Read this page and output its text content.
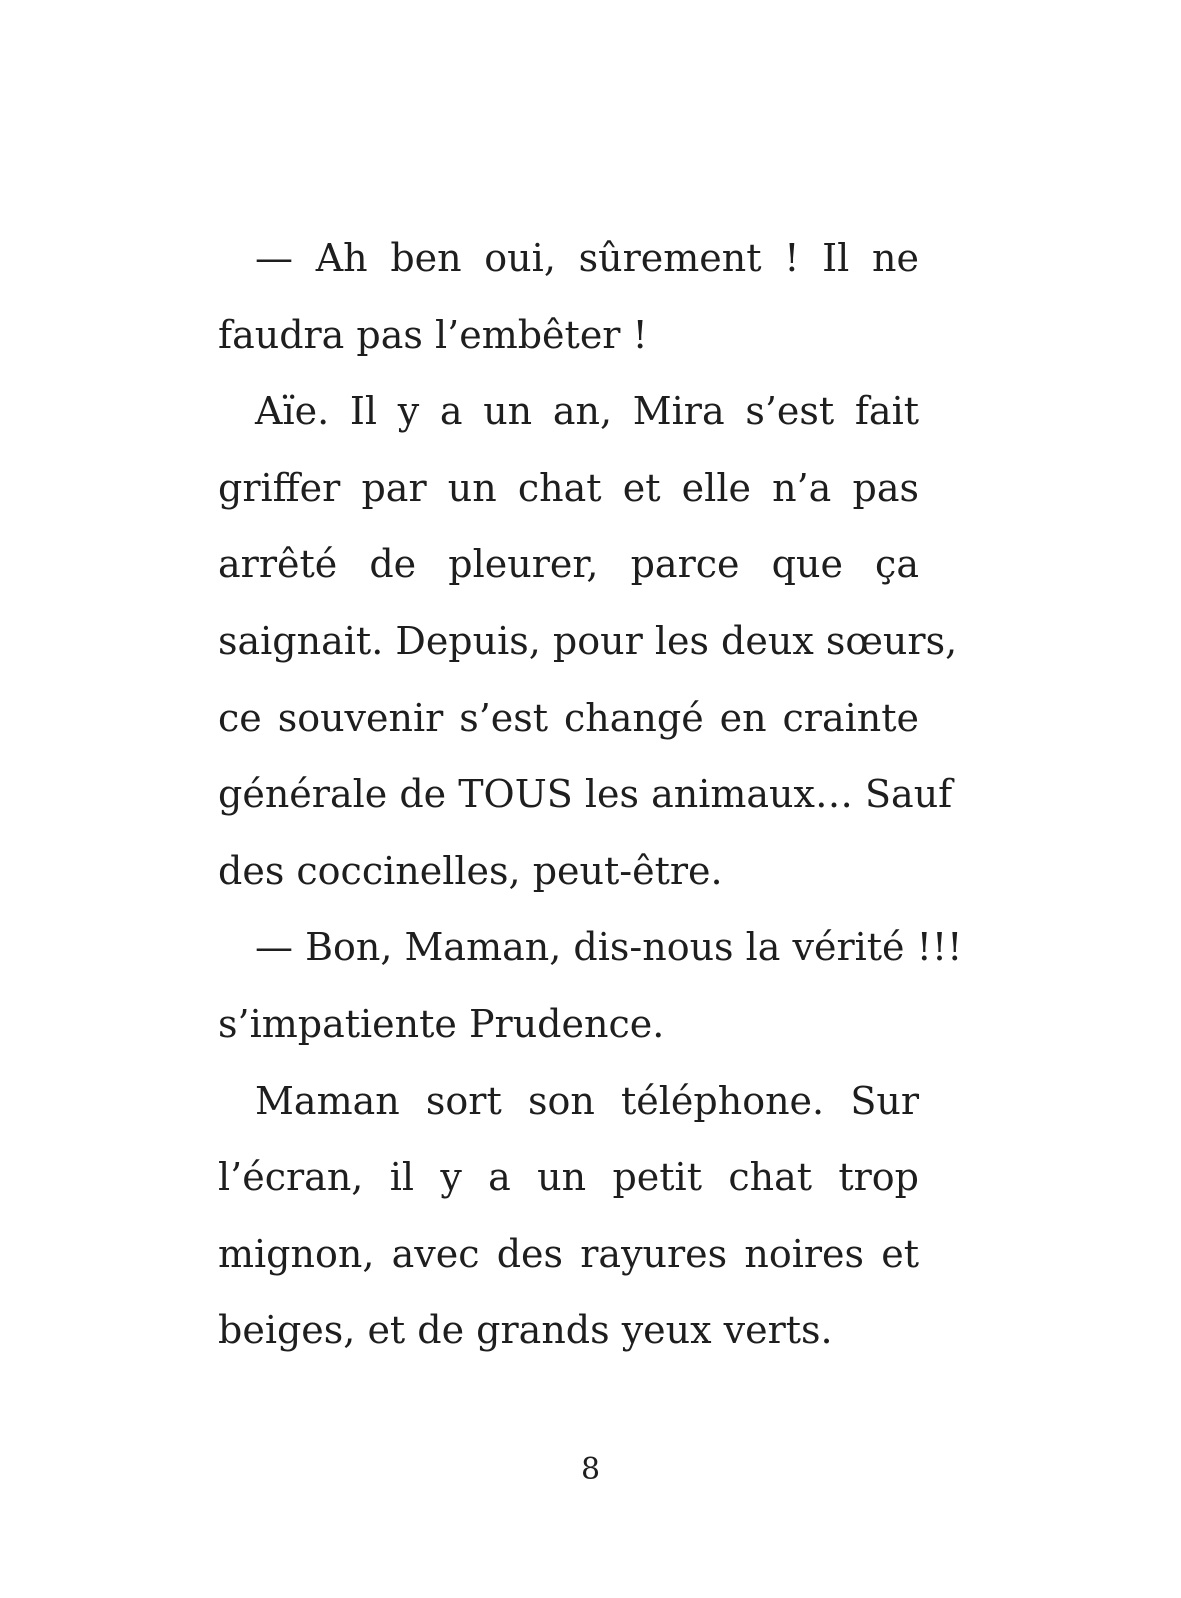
— Ah ben oui, sûrement ! Il ne
faudra pas l’embêter !
Aïe. Il y a un an, Mira s’est fait
griffer par un chat et elle n’a pas
arrêté de pleurer, parce que ça
saignait. Depuis, pour les deux sœurs,
ce souvenir s’est changé en crainte
générale de TOUS les animaux… Sauf
des coccinelles, peut-être.
— Bon, Maman, dis-nous la vérité !!!
s’impatiente Prudence.
Maman sort son téléphone. Sur
l’écran, il y a un petit chat trop
mignon, avec des rayures noires et
beiges, et de grands yeux verts.
8
